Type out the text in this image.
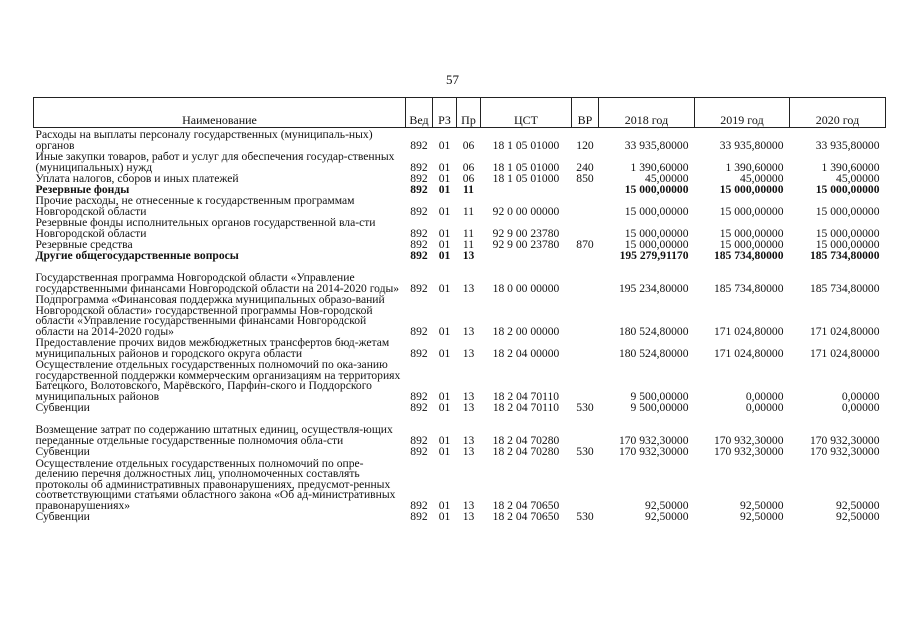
57
Наименование	Вед	РЗ	Пр	ЦСТ	ВР	2018 год	2019 год	2020 год
Расходы на выплаты персоналу государственных (муниципаль-ных) органов	892	01	06	18 1 05 01000	120	33 935,80000	33 935,80000	33 935,80000
Иные закупки товаров, работ и услуг для обеспечения государ-ственных (муниципальных) нужд	892	01	06	18 1 05 01000	240	1 390,60000	1 390,60000	1 390,60000
Уплата налогов, сборов и иных платежей	892	01	06	18 1 05 01000	850	45,00000	45,00000	45,00000
Резервные фонды	892	01	11			15 000,00000	15 000,00000	15 000,00000
Прочие расходы, не отнесенные к государственным программам Новгородской области	892	01	11	92 0 00 00000		15 000,00000	15 000,00000	15 000,00000
Резервные фонды исполнительных органов государственной вла-сти Новгородской области	892	01	11	92 9 00 23780		15 000,00000	15 000,00000	15 000,00000
Резервные средства	892	01	11	92 9 00 23780	870	15 000,00000	15 000,00000	15 000,00000
Другие общегосударственные вопросы	892	01	13			195 279,91170	185 734,80000	185 734,80000
Государственная программа Новгородской области «Управление государственными финансами Новгородской области на 2014-2020 годы»	892	01	13	18 0 00 00000		195 234,80000	185 734,80000	185 734,80000
Подпрограмма «Финансовая поддержка муниципальных образо-ваний Новгородской области» государственной программы Нов-городской области «Управление государственными финансами Новгородской области на 2014-2020 годы»	892	01	13	18 2 00 00000		180 524,80000	171 024,80000	171 024,80000
Предоставление прочих видов межбюджетных трансфертов бюд-жетам муниципальных районов и городского округа области	892	01	13	18 2 04 00000		180 524,80000	171 024,80000	171 024,80000
Осуществление отдельных государственных полномочий по ока-занию государственной поддержки коммерческим организациям на территориях Батецкого, Волотовского, Марёвского, Парфин-ского и Поддорского муниципальных районов	892	01	13	18 2 04 70110		9 500,00000	0,00000	0,00000
Субвенции	892	01	13	18 2 04 70110	530	9 500,00000	0,00000	0,00000
Возмещение затрат по содержанию штатных единиц, осуществля-ющих переданные отдельные государственные полномочия обла-сти	892	01	13	18 2 04 70280		170 932,30000	170 932,30000	170 932,30000
Субвенции	892	01	13	18 2 04 70280	530	170 932,30000	170 932,30000	170 932,30000
Осуществление отдельных государственных полномочий по опре-делению перечня должностных лиц, уполномоченных составлять протоколы об административных правонарушениях, предусмот-ренных соответствующими статьями областного закона «Об ад-министративных правонарушениях»	892	01	13	18 2 04 70650		92,50000	92,50000	92,50000
Субвенции	892	01	13	18 2 04 70650	530	92,50000	92,50000	92,50000
